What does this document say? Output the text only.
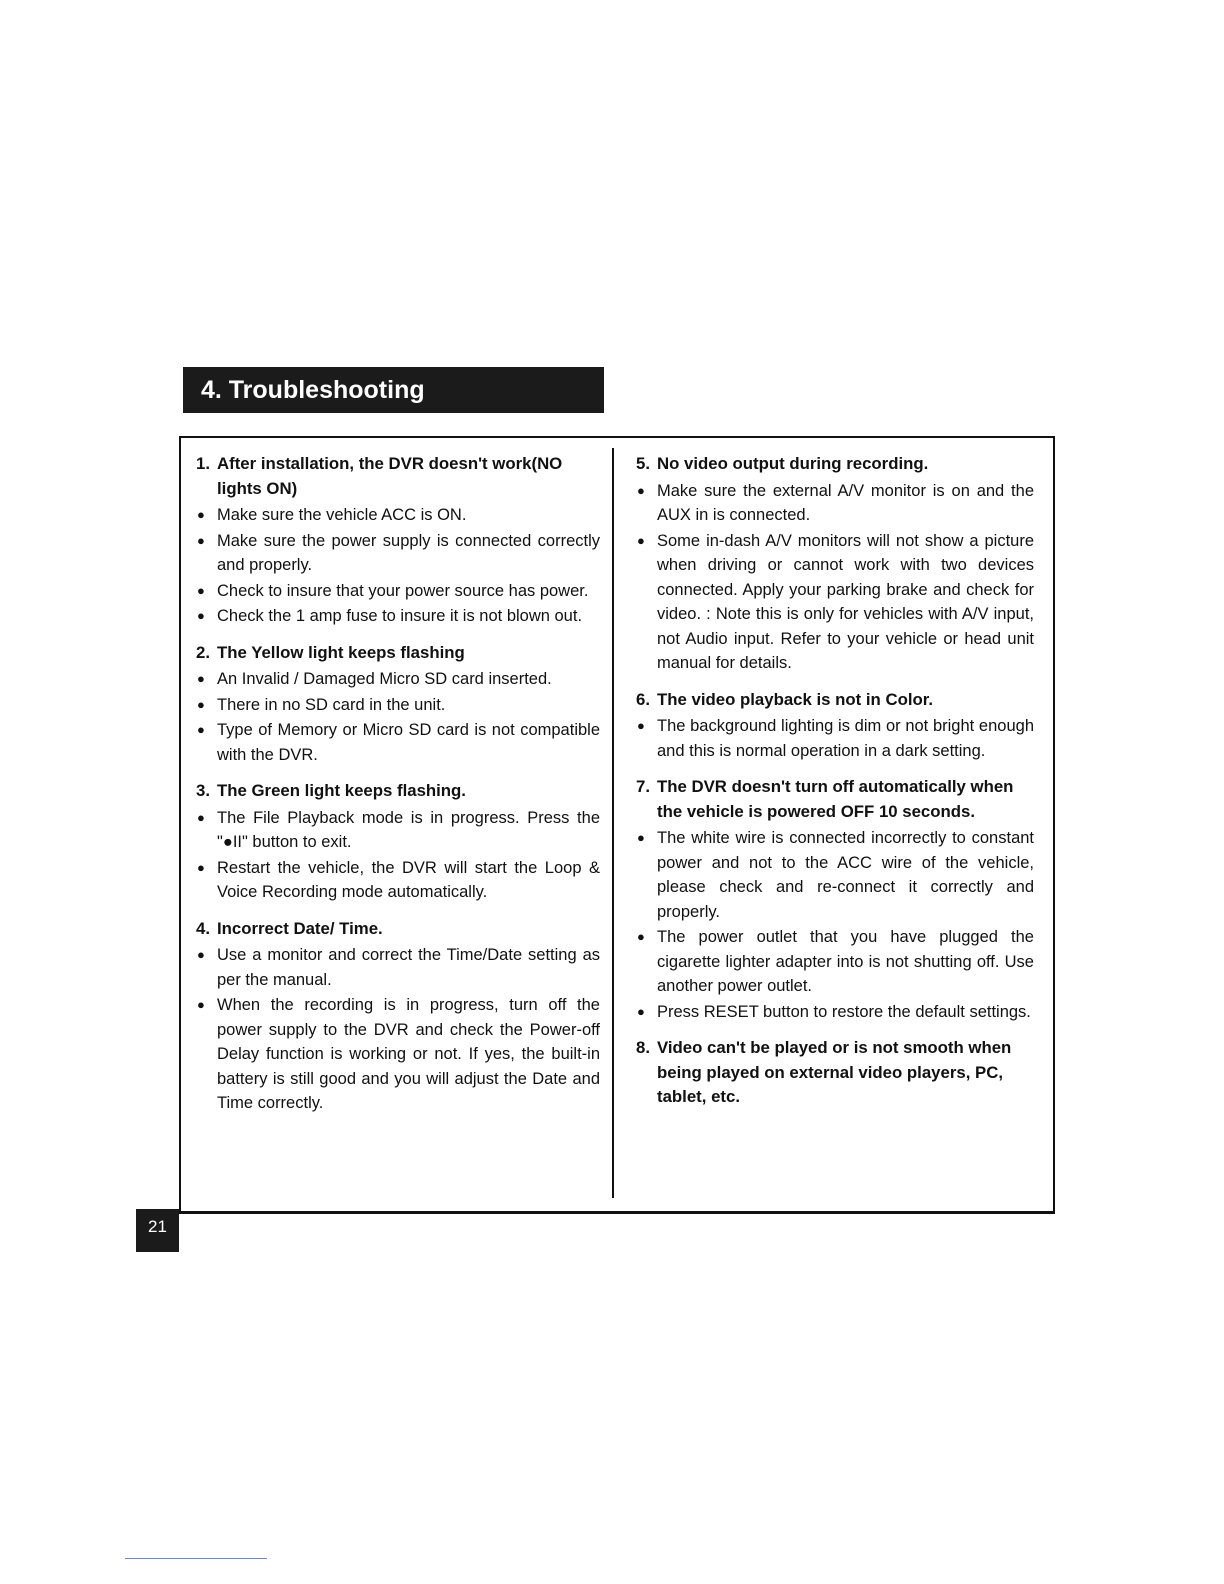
4. Troubleshooting
1. After installation, the DVR doesn't work(NO lights ON)
● Make sure the vehicle ACC is ON.
● Make sure the power supply is connected correctly and properly.
● Check to insure that your power source has power.
● Check the 1 amp fuse to insure it is not blown out.
2. The Yellow light keeps flashing
● An Invalid / Damaged Micro SD card inserted.
● There in no SD card in the unit.
● Type of Memory or Micro SD card is not compatible with the DVR.
3. The Green light keeps flashing.
● The File Playback mode is in progress. Press the "●II" button to exit.
● Restart the vehicle, the DVR will start the Loop & Voice Recording mode automatically.
4. Incorrect Date/ Time.
● Use a monitor and correct the Time/Date setting as per the manual.
● When the recording is in progress, turn off the power supply to the DVR and check the Power-off Delay function is working or not. If yes, the built-in battery is still good and you will adjust the Date and Time correctly.
5. No video output during recording.
● Make sure the external A/V monitor is on and the AUX in is connected.
● Some in-dash A/V monitors will not show a picture when driving or cannot work with two devices connected. Apply your parking brake and check for video. : Note this is only for vehicles with A/V input, not Audio input. Refer to your vehicle or head unit manual for details.
6. The video playback is not in Color.
● The background lighting is dim or not bright enough and this is normal operation in a dark setting.
7. The DVR doesn't turn off automatically when the vehicle is powered OFF 10 seconds.
● The white wire is connected incorrectly to constant power and not to the ACC wire of the vehicle, please check and re-connect it correctly and properly.
● The power outlet that you have plugged the cigarette lighter adapter into is not shutting off. Use another power outlet.
● Press RESET button to restore the default settings.
8. Video can't be played or is not smooth when being played on external video players, PC, tablet, etc.
21
